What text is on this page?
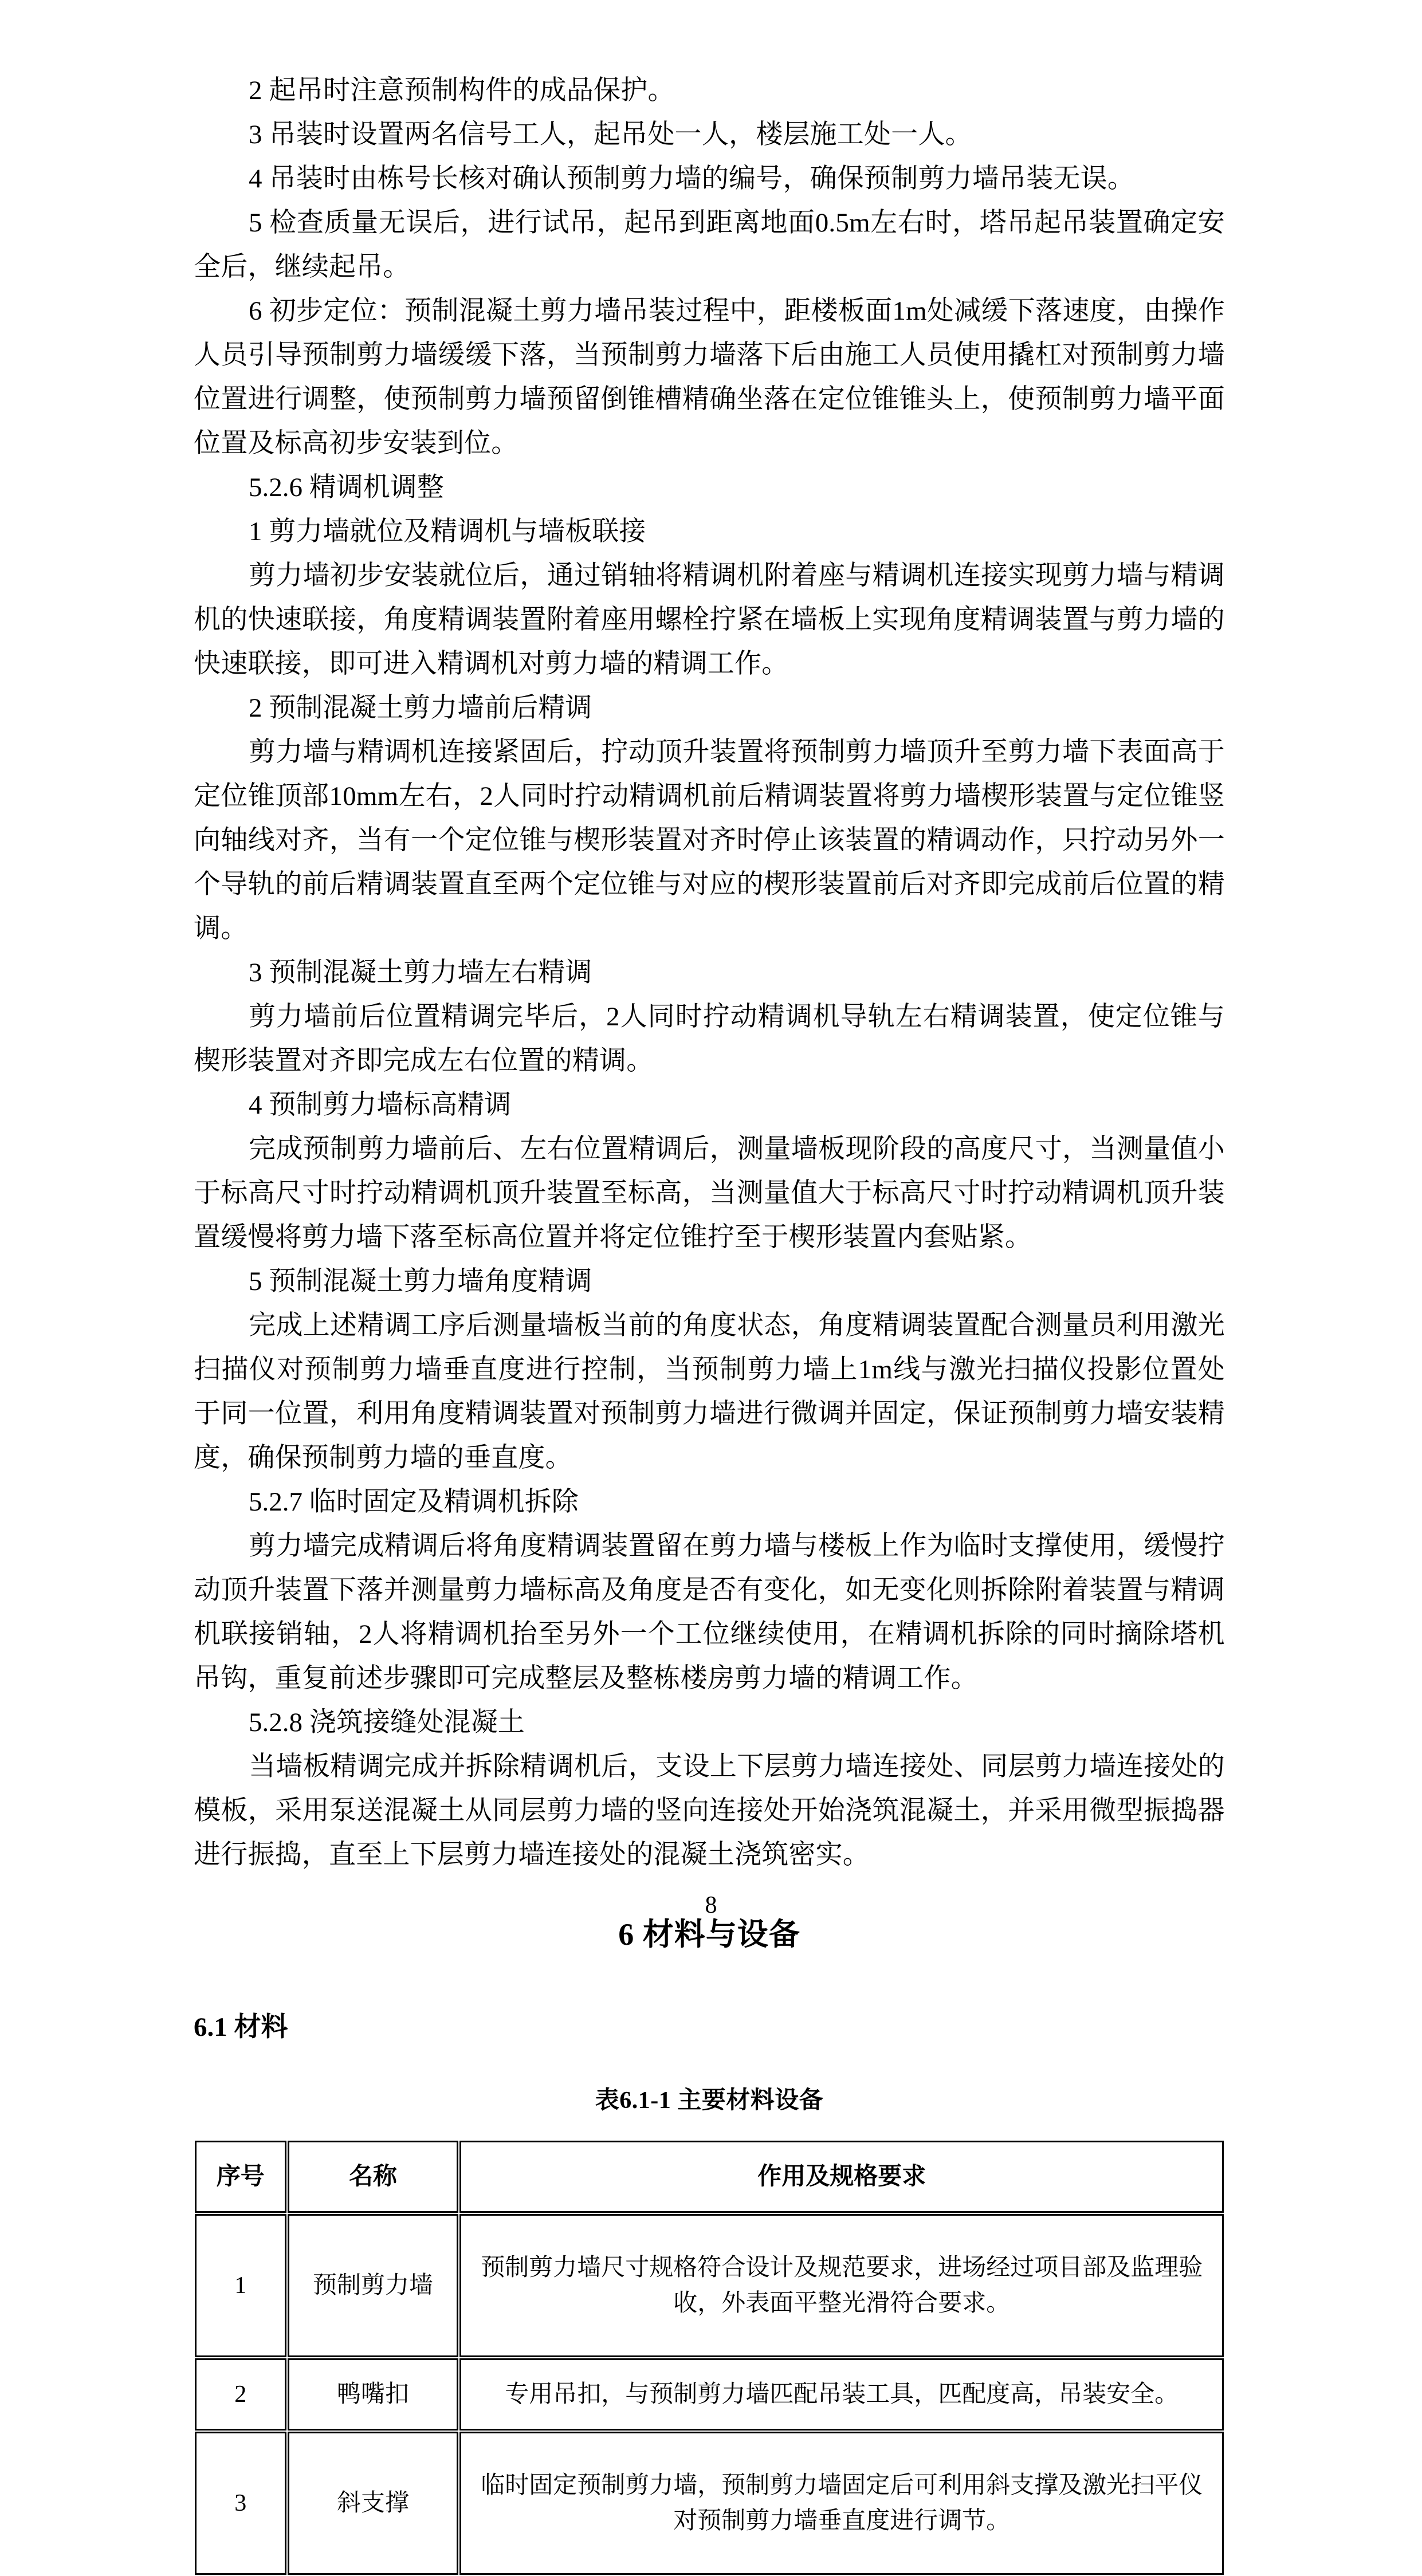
2 起吊时注意预制构件的成品保护。

3 吊装时设置两名信号工人，起吊处一人，楼层施工处一人。

4 吊装时由栋号长核对确认预制剪力墙的编号，确保预制剪力墙吊装无误。

5 检查质量无误后，进行试吊，起吊到距离地面0.5m左右时，塔吊起吊装置确定安全后，继续起吊。

6 初步定位：预制混凝土剪力墙吊装过程中，距楼板面1m处减缓下落速度，由操作人员引导预制剪力墙缓缓下落，当预制剪力墙落下后由施工人员使用撬杠对预制剪力墙位置进行调整，使预制剪力墙预留倒锥槽精确坐落在定位锥锥头上，使预制剪力墙平面位置及标高初步安装到位。

5.2.6 精调机调整

1 剪力墙就位及精调机与墙板联接

剪力墙初步安装就位后，通过销轴将精调机附着座与精调机连接实现剪力墙与精调机的快速联接，角度精调装置附着座用螺栓拧紧在墙板上实现角度精调装置与剪力墙的快速联接，即可进入精调机对剪力墙的精调工作。

2 预制混凝土剪力墙前后精调

剪力墙与精调机连接紧固后，拧动顶升装置将预制剪力墙顶升至剪力墙下表面高于定位锥顶部10mm左右，2人同时拧动精调机前后精调装置将剪力墙楔形装置与定位锥竖向轴线对齐，当有一个定位锥与楔形装置对齐时停止该装置的精调动作，只拧动另外一个导轨的前后精调装置直至两个定位锥与对应的楔形装置前后对齐即完成前后位置的精调。

3 预制混凝土剪力墙左右精调

剪力墙前后位置精调完毕后，2人同时拧动精调机导轨左右精调装置，使定位锥与楔形装置对齐即完成左右位置的精调。

4 预制剪力墙标高精调

完成预制剪力墙前后、左右位置精调后，测量墙板现阶段的高度尺寸，当测量值小于标高尺寸时拧动精调机顶升装置至标高，当测量值大于标高尺寸时拧动精调机顶升装置缓慢将剪力墙下落至标高位置并将定位锥拧至于楔形装置内套贴紧。

5 预制混凝土剪力墙角度精调

完成上述精调工序后测量墙板当前的角度状态，角度精调装置配合测量员利用激光扫描仪对预制剪力墙垂直度进行控制，当预制剪力墙上1m线与激光扫描仪投影位置处于同一位置，利用角度精调装置对预制剪力墙进行微调并固定，保证预制剪力墙安装精度，确保预制剪力墙的垂直度。

5.2.7 临时固定及精调机拆除

剪力墙完成精调后将角度精调装置留在剪力墙与楼板上作为临时支撑使用，缓慢拧动顶升装置下落并测量剪力墙标高及角度是否有变化，如无变化则拆除附着装置与精调机联接销轴，2人将精调机抬至另外一个工位继续使用，在精调机拆除的同时摘除塔机吊钩，重复前述步骤即可完成整层及整栋楼房剪力墙的精调工作。

5.2.8 浇筑接缝处混凝土

当墙板精调完成并拆除精调机后，支设上下层剪力墙连接处、同层剪力墙连接处的模板，采用泵送混凝土从同层剪力墙的竖向连接处开始浇筑混凝土，并采用微型振捣器进行振捣，直至上下层剪力墙连接处的混凝土浇筑密实。

6 材料与设备
6.1 材料

表6.1-1 主要材料设备

序号	名称	作用及规格要求
1	预制剪力墙	预制剪力墙尺寸规格符合设计及规范要求，进场经过项目部及监理验收，外表面平整光滑符合要求。
2	鸭嘴扣	专用吊扣，与预制剪力墙匹配吊装工具，匹配度高，吊装安全。
3	斜支撑	临时固定预制剪力墙，预制剪力墙固定后可利用斜支撑及激光扫平仪对预制剪力墙垂直度进行调节。
8
